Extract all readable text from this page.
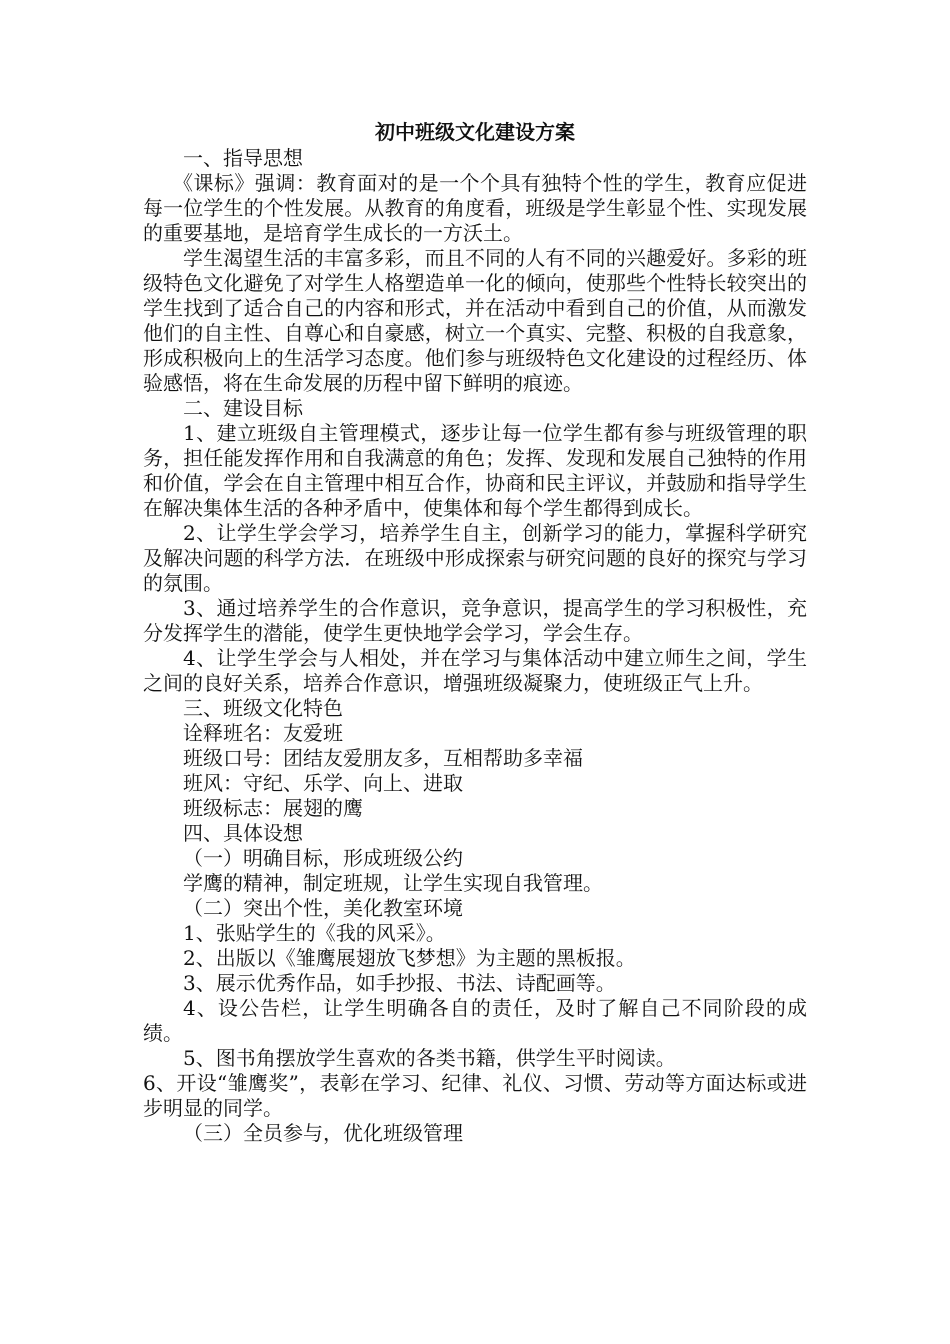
初中班级文化建设方案

一、指导思想

《课标》强调：教育面对的是一个个具有独特个性的学生，教育应促进每一位学生的个性发展。从教育的角度看，班级是学生彰显个性、实现发展的重要基地，是培育学生成长的一方沃土。

学生渴望生活的丰富多彩，而且不同的人有不同的兴趣爱好。多彩的班级特色文化避免了对学生人格塑造单一化的倾向，使那些个性特长较突出的学生找到了适合自己的内容和形式，并在活动中看到自己的价值，从而激发他们的自主性、自尊心和自豪感，树立一个真实、完整、积极的自我意象，形成积极向上的生活学习态度。他们参与班级特色文化建设的过程经历、体验感悟，将在生命发展的历程中留下鲜明的痕迹。

二、建设目标

1、建立班级自主管理模式，逐步让每一位学生都有参与班级管理的职务，担任能发挥作用和自我满意的角色；发挥、发现和发展自己独特的作用和价值，学会在自主管理中相互合作，协商和民主评议，并鼓励和指导学生在解决集体生活的各种矛盾中，使集体和每个学生都得到成长。

2、让学生学会学习，培养学生自主，创新学习的能力，掌握科学研究及解决问题的科学方法．在班级中形成探索与研究问题的良好的探究与学习的氛围。

3、通过培养学生的合作意识，竞争意识，提高学生的学习积极性，充分发挥学生的潜能，使学生更快地学会学习，学会生存。

4、让学生学会与人相处，并在学习与集体活动中建立师生之间，学生之间的良好关系，培养合作意识，增强班级凝聚力，使班级正气上升。

三、班级文化特色

诠释班名：友爱班

班级口号：团结友爱朋友多，互相帮助多幸福

班风：守纪、乐学、向上、进取

班级标志：展翅的鹰

四、具体设想

（一）明确目标，形成班级公约

学鹰的精神，制定班规，让学生实现自我管理。

（二）突出个性，美化教室环境

1、张贴学生的《我的风采》。

2、出版以《雏鹰展翅放飞梦想》为主题的黑板报。

3、展示优秀作品，如手抄报、书法、诗配画等。

4、设公告栏，让学生明确各自的责任，及时了解自己不同阶段的成绩。

5、图书角摆放学生喜欢的各类书籍，供学生平时阅读。

6、开设“雏鹰奖”，表彰在学习、纪律、礼仪、习惯、劳动等方面达标或进步明显的同学。

（三）全员参与，优化班级管理
